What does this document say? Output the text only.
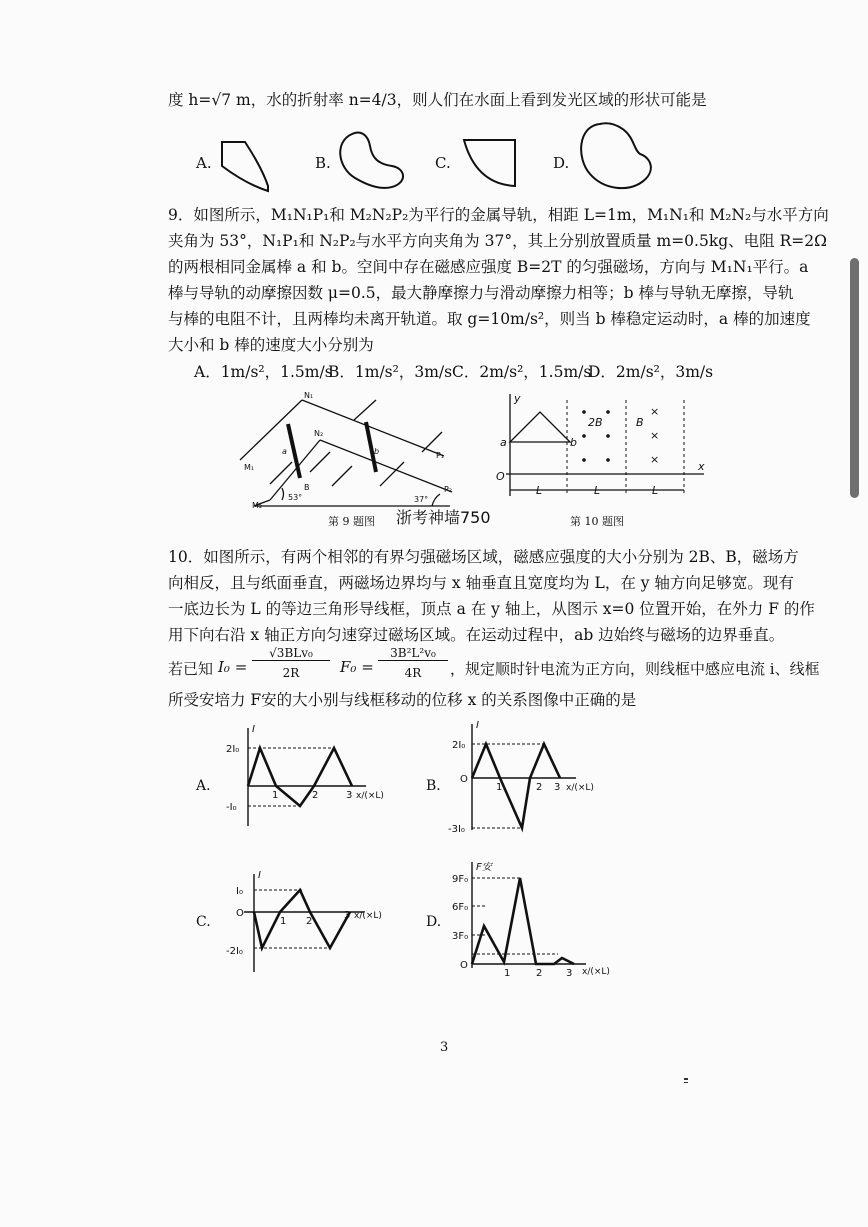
度 h=√7 m，水的折射率 n=4/3，则人们在水面上看到发光区域的形状可能是
A.	B.	C.	D.
9．如图所示，M₁N₁P₁和 M₂N₂P₂为平行的金属导轨，相距 L=1m，M₁N₁和 M₂N₂与水平方向
夹角为 53°，N₁P₁和 N₂P₂与水平方向夹角为 37°，其上分别放置质量 m=0.5kg、电阻 R=2Ω
的两根相同金属棒 a 和 b。空间中存在磁感应强度 B=2T 的匀强磁场，方向与 M₁N₁平行。a
棒与导轨的动摩擦因数 μ=0.5，最大静摩擦力与滑动摩擦力相等；b 棒与导轨无摩擦，导轨
与棒的电阻不计，且两棒均未离开轨道。取 g=10m/s²，则当 b 棒稳定运动时，a 棒的加速度
大小和 b 棒的速度大小分别为
A．1m/s²，1.5m/s
B．1m/s²，3m/s C．2m/s²，1.5m/s
D．2m/s²，3m/s
N₁
N₂
M₁
M₂
P₁
P₂
a	b
B
53°	37°
第 9 题图 浙考神墙750
×
×
×
y
x
O
a	b
2B	B
L	L	L
第 10 题图
10．如图所示，有两个相邻的有界匀强磁场区域，磁感应强度的大小分别为 2B、B，磁场方
向相反，且与纸面垂直，两磁场边界均与 x 轴垂直且宽度均为 L，在 y 轴方向足够宽。现有
一底边长为 L 的等边三角形导线框，顶点 a 在 y 轴上，从图示 x=0 位置开始，在外力 F 的作
用下向右沿 x 轴正方向匀速穿过磁场区域。在运动过程中，ab 边始终与磁场的边界垂直。
若已知 I₀ =
√3BLv₀
2R	F₀ =
3B²L²v₀
4R	，规定顺时针电流为正方向，则线框中感应电流 i、线框
所受安培力 F安的大小别与线框移动的位移 x 的关系图像中正确的是
A.
I
2I₀
-I₀
1	2	3 x/(×L)
B.
I
2I₀
O
-3I₀
1	2 3 x/(×L)
C.
I
I₀
O
-2I₀
1 2
3 x/(×L)	D.
F安
9F₀
6F₀
3F₀
O
1	2 3 x/(×L)
3
